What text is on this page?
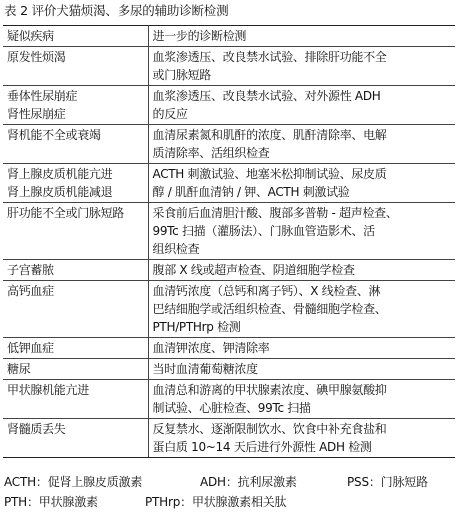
表 2 评价犬猫烦渴、多尿的辅助诊断检测
疑似疾病	进一步的诊断检测

原发性烦渴	血浆渗透压、改良禁水试验、排除肝功能不全
或门脉短路

垂体性尿崩症
肾性尿崩症	血浆渗透压、改良禁水试验、对外源性 ADH
的反应

肾机能不全或衰竭	血清尿素氮和肌酐的浓度、肌酐清除率、电解
质清除率、活组织检查

肾上腺皮质机能亢进
肾上腺皮质机能减退	ACTH 刺激试验、地塞米松抑制试验、尿皮质
醇 / 肌酐血清钠 / 钾、ACTH 刺激试验

肝功能不全或门脉短路	采食前后血清胆汁酸、腹部多普勒 - 超声检查、
99Tc 扫描（灌肠法）、门脉血管造影术、活
组织检查

子宫蓄脓	腹部 X 线或超声检查、阴道细胞学检查

高钙血症	血清钙浓度（总钙和离子钙）、X 线检查、淋
巴结细胞学或活组织检查、骨髓细胞学检查、
PTH/PTHrp 检测

低钾血症	血清钾浓度、钾清除率

糖尿	当时血清葡萄糖浓度

甲状腺机能亢进	血清总和游离的甲状腺素浓度、碘甲腺氨酸抑
制试验、心脏检查、99Tc 扫描

肾髓质丢失	反复禁水、逐渐限制饮水、饮食中补充食盐和
蛋白质 10~14 天后进行外源性 ADH 检测
ACTH：促肾上腺皮质激素	ADH：抗利尿激素	PSS：门脉短路
PTH：甲状腺激素	PTHrp：甲状腺激素相关肽
